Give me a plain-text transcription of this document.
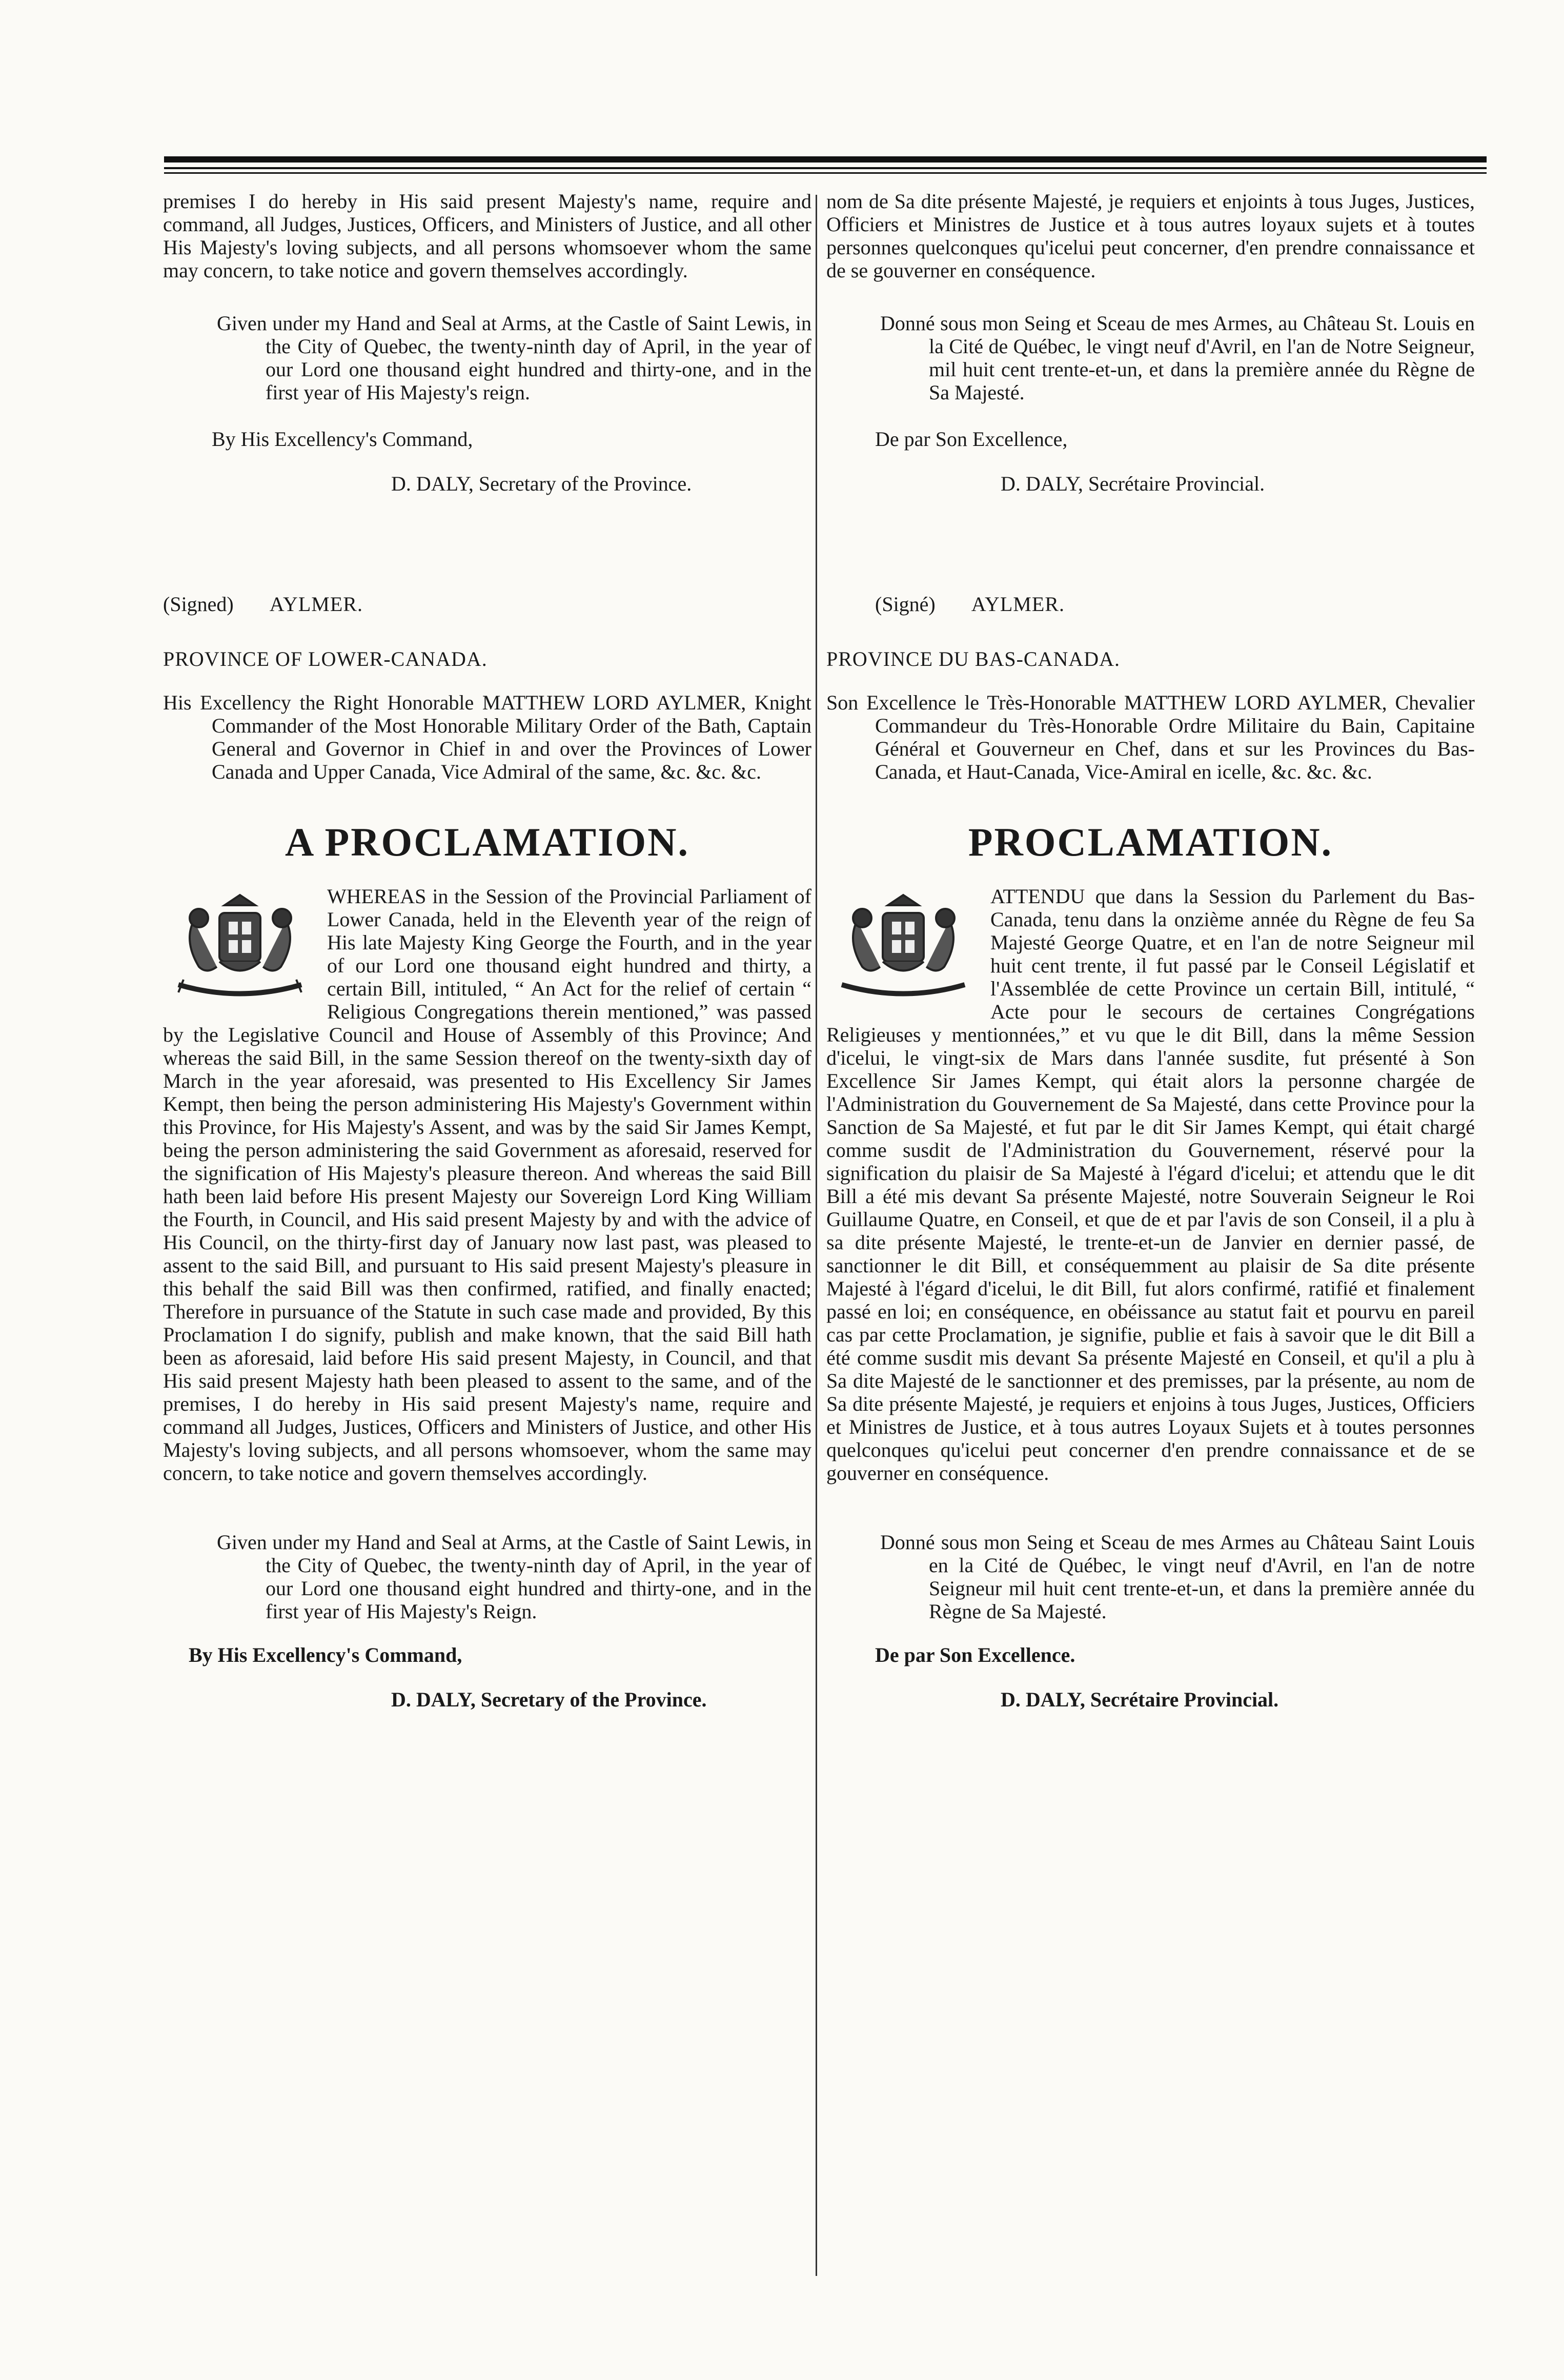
premises I do hereby in His said present Majesty's name, require and command, all Judges, Justices, Officers, and Ministers of Justice, and all other His Majesty's loving subjects, and all persons whomsoever whom the same may concern, to take notice and govern themselves accordingly.

Given under my Hand and Seal at Arms, at the Castle of Saint Lewis, in the City of Quebec, the twenty-ninth day of April, in the year of our Lord one thousand eight hundred and thirty-one, and in the first year of His Majesty's reign.

By His Excellency's Command,

D. DALY, Secretary of the Province.

(Signed) AYLMER.

PROVINCE OF LOWER-CANADA.

His Excellency the Right Honorable MATTHEW LORD AYLMER, Knight Commander of the Most Honorable Military Order of the Bath, Captain General and Governor in Chief in and over the Provinces of Lower Canada and Upper Canada, Vice Admiral of the same, &c. &c. &c.

A PROCLAMATION.

WHEREAS in the Session of the Provincial Parliament of Lower Canada, held in the Eleventh year of the reign of His late Majesty King George the Fourth, and in the year of our Lord one thousand eight hundred and thirty, a certain Bill, intituled, “ An Act for the relief of certain “ Religious Congregations therein mentioned,” was passed by the Legislative Council and House of Assembly of this Province; And whereas the said Bill, in the same Session thereof on the twenty-sixth day of March in the year aforesaid, was presented to His Excellency Sir James Kempt, then being the person administering His Majesty's Government within this Province, for His Majesty's Assent, and was by the said Sir James Kempt, being the person administering the said Government as aforesaid, reserved for the signification of His Majesty's pleasure thereon. And whereas the said Bill hath been laid before His present Majesty our Sovereign Lord King William the Fourth, in Council, and His said present Majesty by and with the advice of His Council, on the thirty-first day of January now last past, was pleased to assent to the said Bill, and pursuant to His said present Majesty's pleasure in this behalf the said Bill was then confirmed, ratified, and finally enacted; Therefore in pursuance of the Statute in such case made and provided, By this Proclamation I do signify, publish and make known, that the said Bill hath been as aforesaid, laid before His said present Majesty, in Council, and that His said present Majesty hath been pleased to assent to the same, and of the premises, I do hereby in His said present Majesty's name, require and command all Judges, Justices, Officers and Ministers of Justice, and other His Majesty's loving subjects, and all persons whomsoever, whom the same may concern, to take notice and govern themselves accordingly.

Given under my Hand and Seal at Arms, at the Castle of Saint Lewis, in the City of Quebec, the twenty-ninth day of April, in the year of our Lord one thousand eight hundred and thirty-one, and in the first year of His Majesty's Reign.

By His Excellency's Command,

D. DALY, Secretary of the Province.

nom de Sa dite présente Majesté, je requiers et enjoints à tous Juges, Justices, Officiers et Ministres de Justice et à tous autres loyaux sujets et à toutes personnes quelconques qu'icelui peut concerner, d'en prendre connaissance et de se gouverner en conséquence.

Donné sous mon Seing et Sceau de mes Armes, au Château St. Louis en la Cité de Québec, le vingt neuf d'Avril, en l'an de Notre Seigneur, mil huit cent trente-et-un, et dans la première année du Règne de Sa Majesté.

De par Son Excellence,

D. DALY, Secrétaire Provincial.

(Signé) AYLMER.

PROVINCE DU BAS-CANADA.

Son Excellence le Très-Honorable MATTHEW LORD AYLMER, Chevalier Commandeur du Très-Honorable Ordre Militaire du Bain, Capitaine Général et Gouverneur en Chef, dans et sur les Provinces du Bas-Canada, et Haut-Canada, Vice-Amiral en icelle, &c. &c. &c.

PROCLAMATION.

ATTENDU que dans la Session du Parlement du Bas-Canada, tenu dans la onzième année du Règne de feu Sa Majesté George Quatre, et en l'an de notre Seigneur mil huit cent trente, il fut passé par le Conseil Législatif et l'Assemblée de cette Province un certain Bill, intitulé, “ Acte pour le secours de certaines Congrégations Religieuses y mentionnées,” et vu que le dit Bill, dans la même Session d'icelui, le vingt-six de Mars dans l'année susdite, fut présenté à Son Excellence Sir James Kempt, qui était alors la personne chargée de l'Administration du Gouvernement de Sa Majesté, dans cette Province pour la Sanction de Sa Majesté, et fut par le dit Sir James Kempt, qui était chargé comme susdit de l'Administration du Gouvernement, réservé pour la signification du plaisir de Sa Majesté à l'égard d'icelui; et attendu que le dit Bill a été mis devant Sa présente Majesté, notre Souverain Seigneur le Roi Guillaume Quatre, en Conseil, et que de et par l'avis de son Conseil, il a plu à sa dite présente Majesté, le trente-et-un de Janvier en dernier passé, de sanctionner le dit Bill, et conséquemment au plaisir de Sa dite présente Majesté à l'égard d'icelui, le dit Bill, fut alors confirmé, ratifié et finalement passé en loi; en conséquence, en obéissance au statut fait et pourvu en pareil cas par cette Proclamation, je signifie, publie et fais à savoir que le dit Bill a été comme susdit mis devant Sa présente Majesté en Conseil, et qu'il a plu à Sa dite Majesté de le sanctionner et des premisses, par la présente, au nom de Sa dite présente Majesté, je requiers et enjoins à tous Juges, Justices, Officiers et Ministres de Justice, et à tous autres Loyaux Sujets et à toutes personnes quelconques qu'icelui peut concerner d'en prendre connaissance et de se gouverner en conséquence.

Donné sous mon Seing et Sceau de mes Armes au Château Saint Louis en la Cité de Québec, le vingt neuf d'Avril, en l'an de notre Seigneur mil huit cent trente-et-un, et dans la première année du Règne de Sa Majesté.

De par Son Excellence.

D. DALY, Secrétaire Provincial.
